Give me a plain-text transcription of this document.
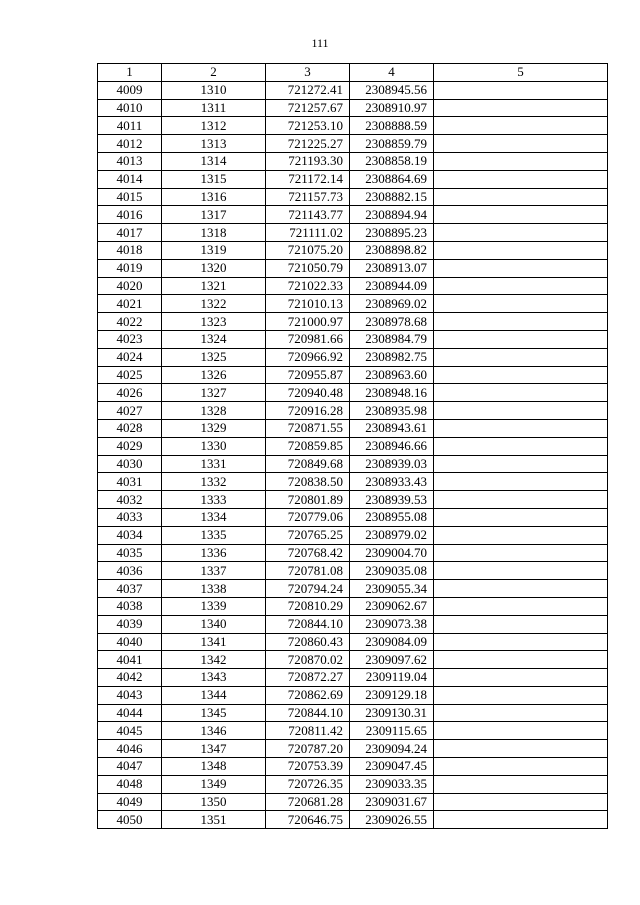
111
1	2	3	4	5
4009	1310	721272.41	2308945.56	
4010	1311	721257.67	2308910.97	
4011	1312	721253.10	2308888.59	
4012	1313	721225.27	2308859.79	
4013	1314	721193.30	2308858.19	
4014	1315	721172.14	2308864.69	
4015	1316	721157.73	2308882.15	
4016	1317	721143.77	2308894.94	
4017	1318	721111.02	2308895.23	
4018	1319	721075.20	2308898.82	
4019	1320	721050.79	2308913.07	
4020	1321	721022.33	2308944.09	
4021	1322	721010.13	2308969.02	
4022	1323	721000.97	2308978.68	
4023	1324	720981.66	2308984.79	
4024	1325	720966.92	2308982.75	
4025	1326	720955.87	2308963.60	
4026	1327	720940.48	2308948.16	
4027	1328	720916.28	2308935.98	
4028	1329	720871.55	2308943.61	
4029	1330	720859.85	2308946.66	
4030	1331	720849.68	2308939.03	
4031	1332	720838.50	2308933.43	
4032	1333	720801.89	2308939.53	
4033	1334	720779.06	2308955.08	
4034	1335	720765.25	2308979.02	
4035	1336	720768.42	2309004.70	
4036	1337	720781.08	2309035.08	
4037	1338	720794.24	2309055.34	
4038	1339	720810.29	2309062.67	
4039	1340	720844.10	2309073.38	
4040	1341	720860.43	2309084.09	
4041	1342	720870.02	2309097.62	
4042	1343	720872.27	2309119.04	
4043	1344	720862.69	2309129.18	
4044	1345	720844.10	2309130.31	
4045	1346	720811.42	2309115.65	
4046	1347	720787.20	2309094.24	
4047	1348	720753.39	2309047.45	
4048	1349	720726.35	2309033.35	
4049	1350	720681.28	2309031.67	
4050	1351	720646.75	2309026.55	
